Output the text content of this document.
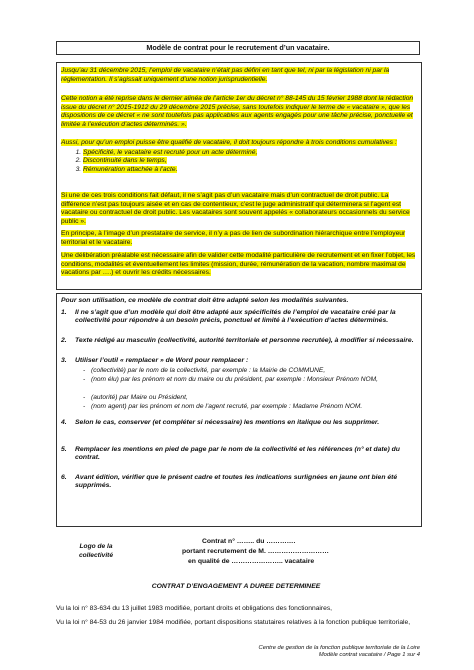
Modèle de contrat pour le recrutement d’un vacataire.

Jusqu’au 31 décembre 2015, l’emploi de vacataire n’était pas défini en tant que tel, ni par la législation ni par la réglementation. Il s’agissait uniquement d’une notion jurisprudentielle.

Cette notion a été reprise dans le dernier alinéa de l’article 1er du décret n° 88-145 du 15 février 1988 dont la rédaction issue du décret n° 2015-1912 du 29 décembre 2015 précise, sans toutefois indiquer le terme de « vacataire », que les dispositions de ce décret « ne sont toutefois pas applicables aux agents engagés pour une tâche précise, ponctuelle et limitée à l’exécution d’actes déterminés. ».

Aussi, pour qu’un emploi puisse être qualifié de vacataire, il doit toujours répondre à trois conditions cumulatives :

1. Spécificité, le vacataire est recruté pour un acte déterminé,
2. Discontinuité dans le temps,
3. Rémunération attachée à l’acte.

Si une de ces trois conditions fait défaut, il ne s’agit pas d’un vacataire mais d’un contractuel de droit public. La différence n’est pas toujours aisée et en cas de contentieux, c’est le juge administratif qui déterminera si l’agent est vacataire ou contractuel de droit public. Les vacataires sont souvent appelés « collaborateurs occasionnels du service public ».

En principe, à l’image d’un prestataire de service, il n’y a pas de lien de subordination hiérarchique entre l’employeur territorial et le vacataire.

Une délibération préalable est nécessaire afin de valider cette modalité particulière de recrutement et en fixer l’objet, les conditions, modalités et éventuellement les limites (mission, durée, rémunération de la vacation, nombre maximal de vacations par ….) et ouvrir les crédits nécessaires.

Pour son utilisation, ce modèle de contrat doit être adapté selon les modalités suivantes.
1.	Il ne s’agit que d’un modèle qui doit être adapté aux spécificités de l’emploi de vacataire créé par la collectivité pour répondre à un besoin précis, ponctuel et limité à l’exécution d’actes déterminés.
2.	Texte rédigé au masculin (collectivité, autorité territoriale et personne recrutée), à modifier si nécessaire.
3.	Utiliser l’outil « remplacer » de Word pour remplacer :
- (collectivité) par le nom de la collectivité, par exemple : la Mairie de COMMUNE,
- (nom élu) par les prénom et nom du maire ou du président, par exemple : Monsieur Prénom NOM,
- (autorité) par Maire ou Président,
- (nom agent) par les prénom et nom de l’agent recruté, par exemple : Madame Prénom NOM.
4.	Selon le cas, conserver (et compléter si nécessaire) les mentions en italique ou les supprimer.
5.	Remplacer les mentions en pied de page par le nom de la collectivité et les références (n° et date) du contrat.
6.	Avant édition, vérifier que le présent cadre et toutes les indications surlignées en jaune ont bien été supprimés.
Logo de la collectivité
Contrat n° …….. du ………….
portant recrutement de M. ………………………
en qualité de ………………….. vacataire
CONTRAT D’ENGAGEMENT A DUREE DETERMINEE
Vu la loi n° 83-634 du 13 juillet 1983 modifiée, portant droits et obligations des fonctionnaires,
Vu la loi n° 84-53 du 26 janvier 1984 modifiée, portant dispositions statutaires relatives à la fonction publique territoriale,
Centre de gestion de la fonction publique territoriale de la Loire
Modèle contrat vacataire / Page 1 sur 4
